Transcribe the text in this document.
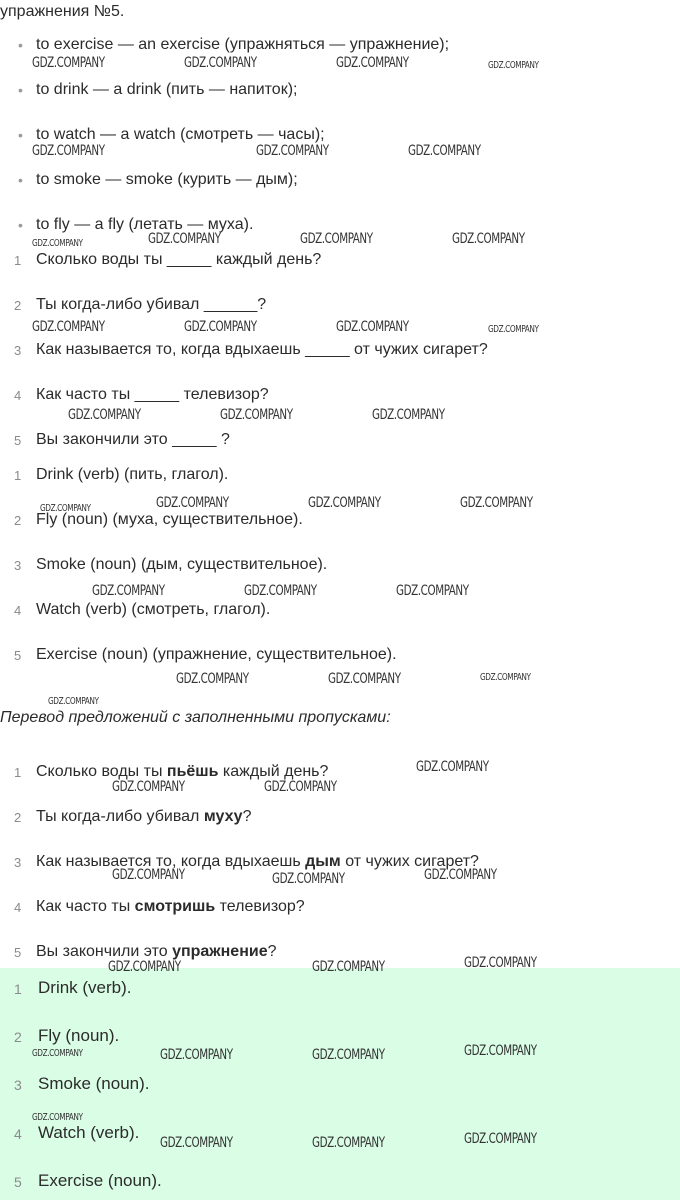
упражнения №5.
• to exercise — an exercise (упражняться — упражнение);
• to drink — a drink (пить — напиток);
• to watch — a watch (смотреть — часы);
• to smoke — smoke (курить — дым);
• to fly — a fly (летать — муха).
1 Сколько воды ты _____ каждый день?
2 Ты когда-либо убивал ______?
3 Как называется то, когда вдыхаешь _____ от чужих сигарет?
4 Как часто ты _____ телевизор?
5 Вы закончили это _____ ?
1 Drink (verb) (пить, глагол).
2 Fly (noun) (муха, существительное).
3 Smoke (noun) (дым, существительное).
4 Watch (verb) (смотреть, глагол).
5 Exercise (noun) (упражнение, существительное).
Перевод предложений с заполненными пропусками:
1 Сколько воды ты пьёшь каждый день?
2 Ты когда-либо убивал муху?
3 Как называется то, когда вдыхаешь дым от чужих сигарет?
4 Как часто ты смотришь телевизор?
5 Вы закончили это упражнение?
1 Drink (verb).
2 Fly (noun).
3 Smoke (noun).
4 Watch (verb).
5 Exercise (noun).
GDZ.COMPANY	GDZ.COMPANY	GDZ.COMPANY	GDZ.COMPANY
GDZ.COMPANY	GDZ.COMPANY	GDZ.COMPANY
GDZ.COMPANY	GDZ.COMPANY	GDZ.COMPANY	GDZ.COMPANY
GDZ.COMPANY	GDZ.COMPANY	GDZ.COMPANY	GDZ.COMPANY
GDZ.COMPANY	GDZ.COMPANY	GDZ.COMPANY
GDZ.COMPANY	GDZ.COMPANY	GDZ.COMPANY	GDZ.COMPANY
GDZ.COMPANY	GDZ.COMPANY	GDZ.COMPANY
GDZ.COMPANY	GDZ.COMPANY	GDZ.COMPANY
GDZ.COMPANY
GDZ.COMPANY
GDZ.COMPANY	GDZ.COMPANY
GDZ.COMPANY	GDZ.COMPANY	GDZ.COMPANY
GDZ.COMPANY	GDZ.COMPANY	GDZ.COMPANY
GDZ.COMPANY	GDZ.COMPANY	GDZ.COMPANY	GDZ.COMPANY
GDZ.COMPANY
GDZ.COMPANY	GDZ.COMPANY	GDZ.COMPANY
